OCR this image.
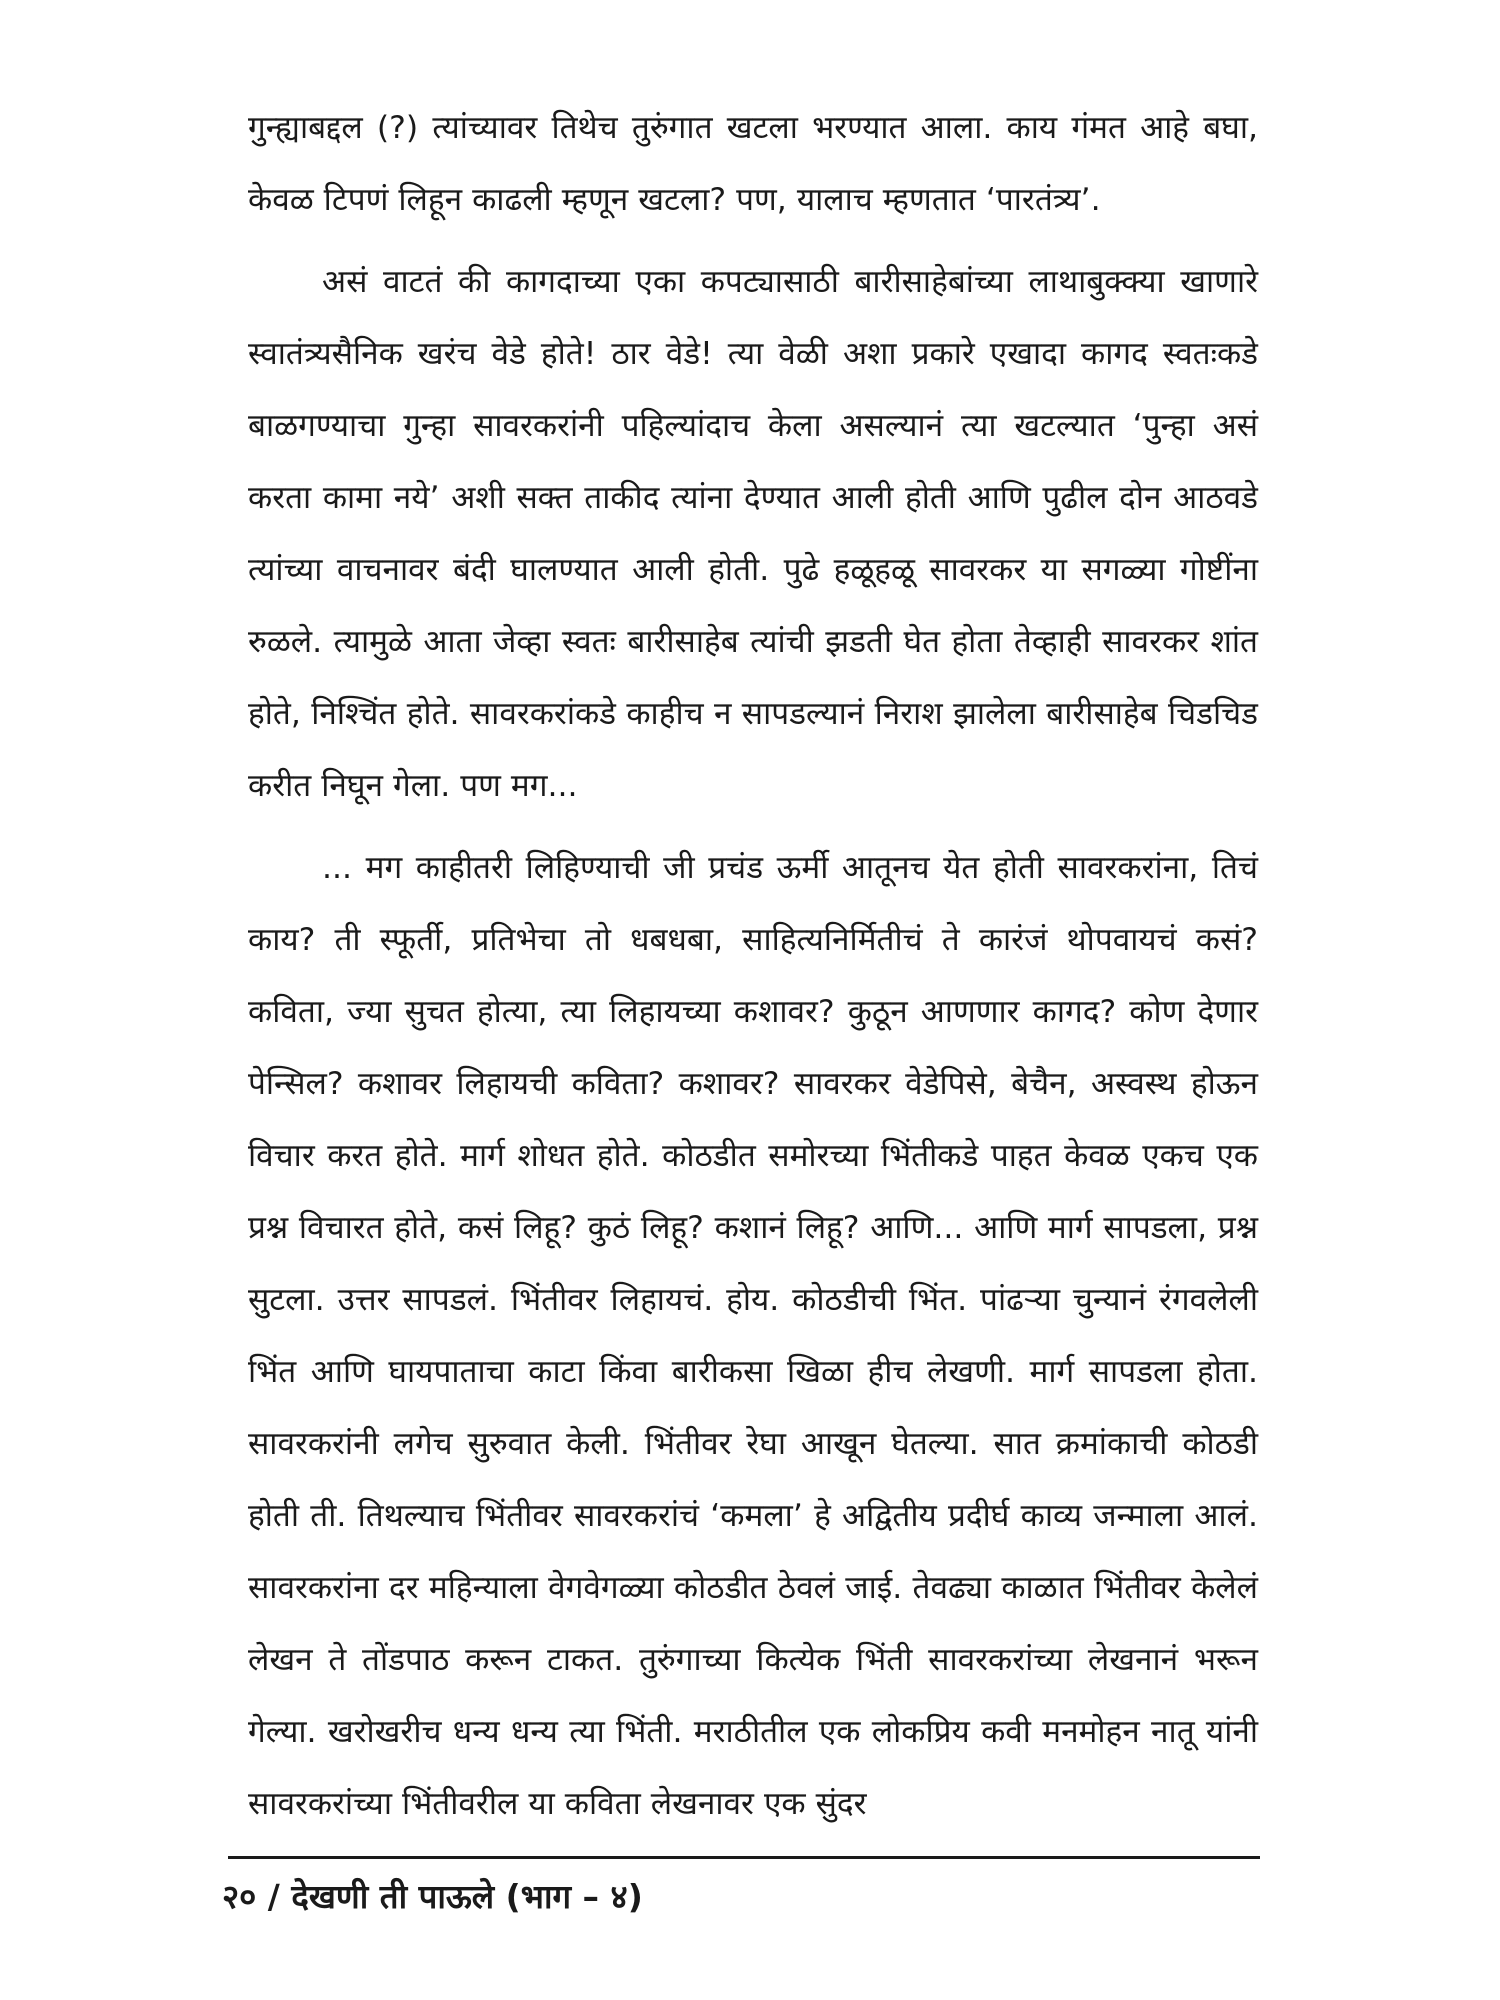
गुन्ह्याबद्दल (?) त्यांच्यावर तिथेच तुरुंगात खटला भरण्यात आला. काय गंमत आहे बघा, केवळ टिपणं लिहून काढली म्हणून खटला? पण, यालाच म्हणतात ‘पारतंत्र्य’.

असं वाटतं की कागदाच्या एका कपट्यासाठी बारीसाहेबांच्या लाथाबुक्क्या खाणारे स्वातंत्र्यसैनिक खरंच वेडे होते! ठार वेडे! त्या वेळी अशा प्रकारे एखादा कागद स्वतःकडे बाळगण्याचा गुन्हा सावरकरांनी पहिल्यांदाच केला असल्यानं त्या खटल्यात ‘पुन्हा असं करता कामा नये’ अशी सक्त ताकीद त्यांना देण्यात आली होती आणि पुढील दोन आठवडे त्यांच्या वाचनावर बंदी घालण्यात आली होती. पुढे हळूहळू सावरकर या सगळ्या गोष्टींना रुळले. त्यामुळे आता जेव्हा स्वतः बारीसाहेब त्यांची झडती घेत होता तेव्हाही सावरकर शांत होते, निश्चिंत होते. सावरकरांकडे काहीच न सापडल्यानं निराश झालेला बारीसाहेब चिडचिड करीत निघून गेला. पण मग...

... मग काहीतरी लिहिण्याची जी प्रचंड ऊर्मी आतूनच येत होती सावरकरांना, तिचं काय? ती स्फूर्ती, प्रतिभेचा तो धबधबा, साहित्यनिर्मितीचं ते कारंजं थोपवायचं कसं? कविता, ज्या सुचत होत्या, त्या लिहायच्या कशावर? कुठून आणणार कागद? कोण देणार पेन्सिल? कशावर लिहायची कविता? कशावर? सावरकर वेडेपिसे, बेचैन, अस्वस्थ होऊन विचार करत होते. मार्ग शोधत होते. कोठडीत समोरच्या भिंतीकडे पाहत केवळ एकच एक प्रश्न विचारत होते, कसं लिहू? कुठं लिहू? कशानं लिहू? आणि... आणि मार्ग सापडला, प्रश्न सुटला. उत्तर सापडलं. भिंतीवर लिहायचं. होय. कोठडीची भिंत. पांढऱ्या चुन्यानं रंगवलेली भिंत आणि घायपाताचा काटा किंवा बारीकसा खिळा हीच लेखणी. मार्ग सापडला होता. सावरकरांनी लगेच सुरुवात केली. भिंतीवर रेघा आखून घेतल्या. सात क्रमांकाची कोठडी होती ती. तिथल्याच भिंतीवर सावरकरांचं ‘कमला’ हे अद्वितीय प्रदीर्घ काव्य जन्माला आलं. सावरकरांना दर महिन्याला वेगवेगळ्या कोठडीत ठेवलं जाई. तेवढ्या काळात भिंतीवर केलेलं लेखन ते तोंडपाठ करून टाकत. तुरुंगाच्या कित्येक भिंती सावरकरांच्या लेखनानं भरून गेल्या. खरोखरीच धन्य धन्य त्या भिंती. मराठीतील एक लोकप्रिय कवी मनमोहन नातू यांनी सावरकरांच्या भिंतीवरील या कविता लेखनावर एक सुंदर

२० / देखणी ती पाऊले (भाग – ४)
